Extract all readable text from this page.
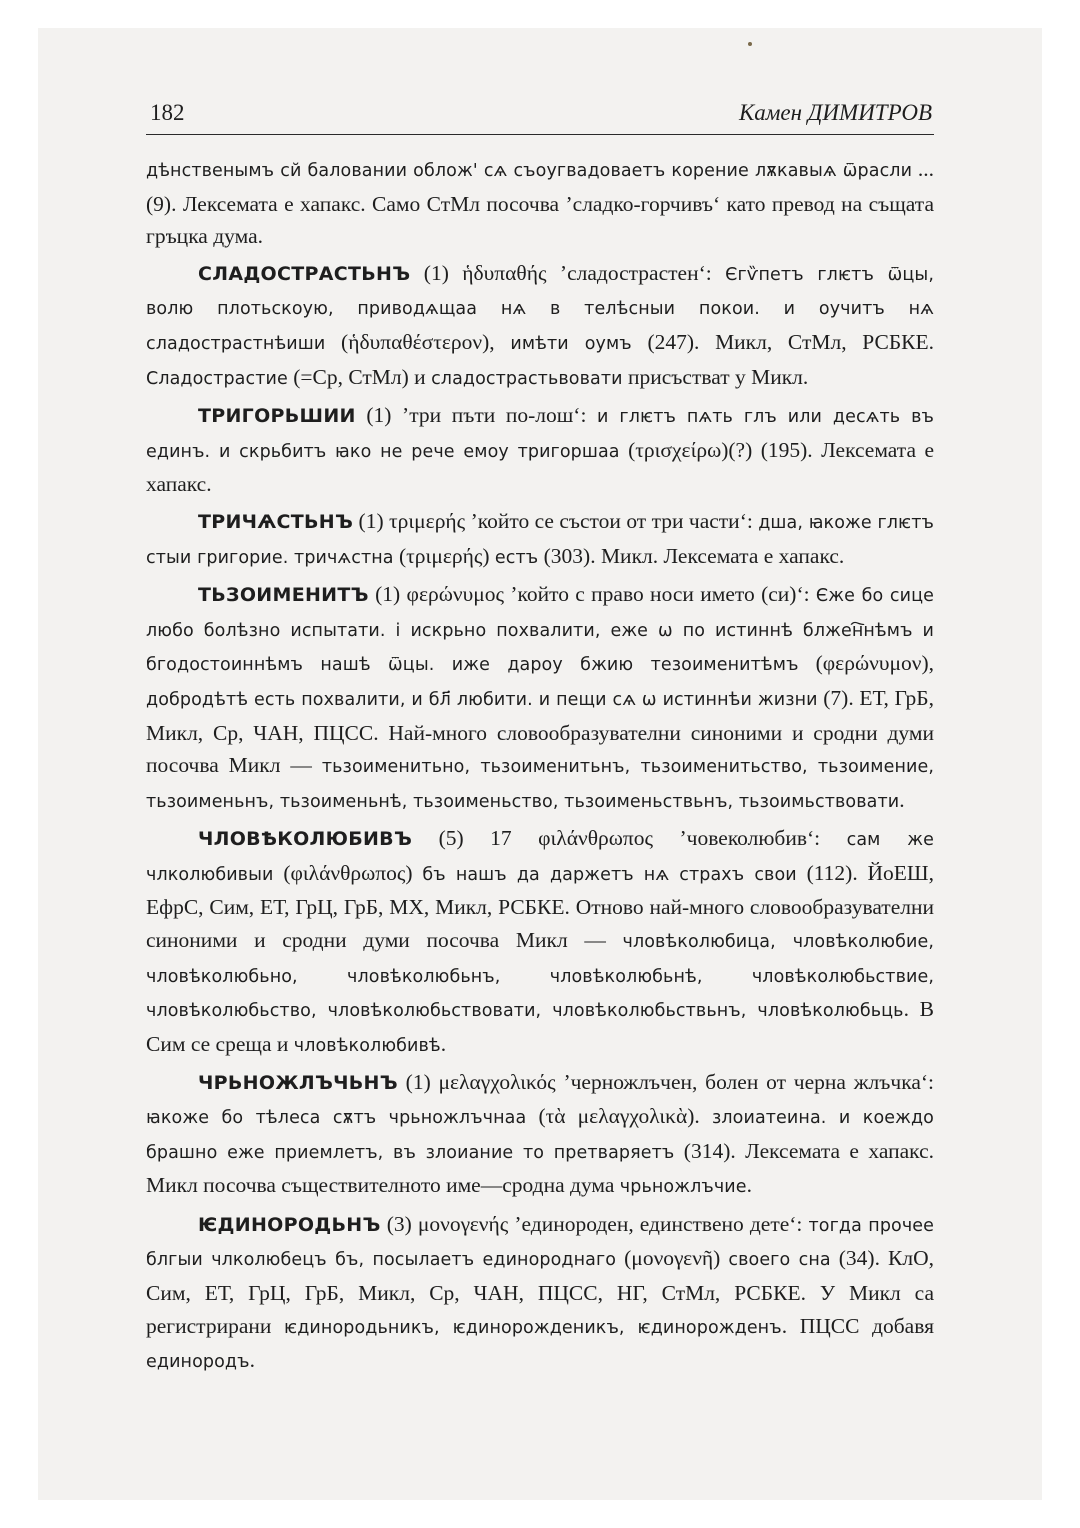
182	Камен ДИМИТРОВ

дѣнственымъ сй баловании облож' сѧ съоугвадоваетъ корение лѫкавыѧ ѿрасли ... (9). Лексемата е хапакс. Само СтМл посочва ’сладко-горчивъ‘ като превод на същата гръцка дума.

СЛАДОСТРАСТЬНЪ (1) ἡδυπαθής ’сладострастен‘: Єгѷпетъ глѥтъ ѿцы, волю плотьскоую, приводѧщаа нѧ в телѣсныи покои. и оучитъ нѧ сладострастнѣиши (ἡδυπαθέστερον), имѣти оумъ (247). Микл, СтМл, РСБКЕ. Сладострастие (=Ср, СтМл) и сладострастьвовати присъстват у Микл.

ТРИГОРЬШИИ (1) ’три пъти по-лош‘: и глѥтъ пѧть глъ или десѧть въ единъ. и скрьбитъ ꙗко не рече емоу тригоршаа (τρισχείρω)(?) (195). Лексемата е хапакс.

ТРИЧѦСТЬНЪ (1) τριμερής ’който се състои от три части‘: дша, ꙗкоже глѥтъ стыи григорие. тричѧстна (τριμερής) естъ (303). Микл. Лексемата е хапакс.

ТЬЗОИМЕНИТЪ (1) φερώνυμος ’който с право носи името (си)‘: Єже бо сице любо болѣзно испытати. i искрьно похвалити, еже ѡ по истиннѣ блжен҇нѣмъ и бгодостоиннѣмъ нашѣ ѿцы. иже дароу бжию тезоименитѣмъ (φερώνυμον), добродѣтѣ есть похвалити, и бл҃ любити. и пещи сѧ ѡ истиннѣи жизни (7). ЕТ, ГрБ, Микл, Ср, ЧАН, ПЦСС. Най-много словообразувателни синоними и сродни думи посочва Микл — тьзоименитьно, тьзоименитьнъ, тьзоименитьство, тьзоимение, тьзоименьнъ, тьзоименьнѣ, тьзоименьство, тьзоименьствьнъ, тьзоимьствовати.

ЧЛОВѢКОЛЮБИВЪ (5) 17 φιλάνθρωπος ’човеколюбив‘: сам же члколюбивыи (φιλάνθρωπος) бъ нашъ да даржетъ нѧ страхъ свои (112). ЙоЕШ, ЕфрС, Сим, ЕТ, ГрЦ, ГрБ, МХ, Микл, РСБКЕ. Отново най-много словообразувателни синоними и сродни думи посочва Микл — чловѣколюбица, чловѣколюбие, чловѣколюбьно, чловѣколюбьнъ, чловѣколюбьнѣ, чловѣколюбьствие, чловѣколюбьство, чловѣколюбьствовати, чловѣколюбьствьнъ, чловѣколюбьць. В Сим се среща и чловѣколюбивѣ.

ЧРЬНОЖЛЪЧЬНЪ (1) μελαγχολικός ’черножлъчен, болен от черна жлъчка‘: ꙗкоже бо тѣлеса сѫтъ чрьножлъчнаа (τὰ μελαγχολικὰ). злоиатеина. и коеждо брашно еже приемлетъ, въ злоиание то претваряетъ (314). Лексемата е хапакс. Микл посочва съществителното име—сродна дума чрьножлъчие.

ѤДИНОРОДЬНЪ (3) μονογενής ’единороден, единствено дете‘: тогда прочее блгыи члколюбецъ бъ, посылаетъ единороднаго (μονογενῆ) своего сна (34). КлО, Сим, ЕТ, ГрЦ, ГрБ, Микл, Ср, ЧАН, ПЦСС, НГ, СтМл, РСБКЕ. У Микл са регистрирани ѥдинородьникъ, ѥдинорожденикъ, ѥдинорожденъ. ПЦСС добавя единородъ.
